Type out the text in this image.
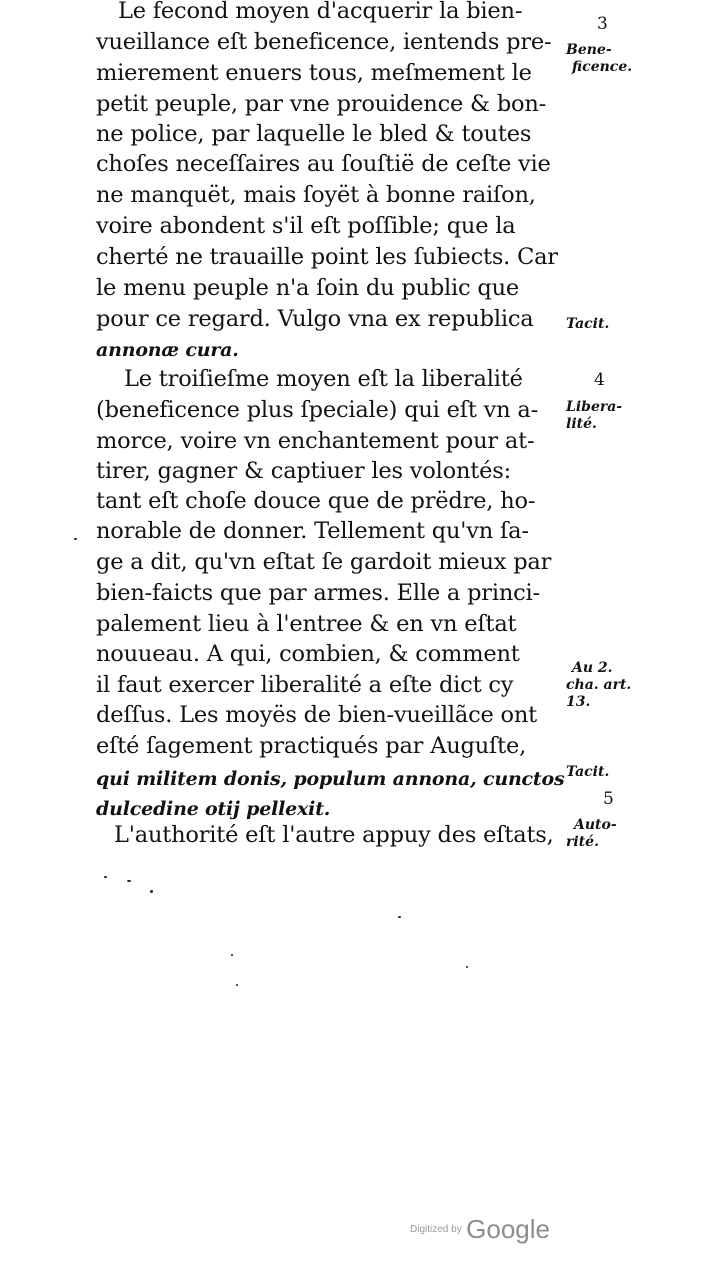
Le fecond moyen d'acquerir la bien-
vueillance eſt beneficence, ientends pre-
mierement enuers tous, meſmement le
petit peuple, par vne prouidence & bon-
ne police, par laquelle le bled & toutes
choſes neceſſaires au ſouſtië de ceſte vie
ne manquët, mais ſoyët à bonne raiſon,
voire abondent s'il eſt poſſible; que la
cherté ne trauaille point les ſubiects. Car
le menu peuple n'a ſoin du public que
pour ce regard. Vulgo vna ex republica
annonæ cura.
Le troiſieſme moyen eſt la liberalité
(beneficence plus ſpeciale) qui eſt vn a-
morce, voire vn enchantement pour at-
tirer, gagner & captiuer les volontés:
tant eſt choſe douce que de prëdre, ho-
norable de donner. Tellement qu'vn ſa-
ge a dit, qu'vn eſtat ſe gardoit mieux par
bien-faicts que par armes. Elle a princi-
palement lieu à l'entree & en vn eſtat
nouueau. A qui, combien, & comment
il faut exercer liberalité a eſte dict cy
deſſus. Les moyës de bien-vueillãce ont
eſté ſagement practiqués par Auguſte,
qui militem donis, populum annona, cunctos
dulcedine otij pellexit.
L'authorité eſt l'autre appuy des eſtats,
3
Bene-
ficence.
Tacit.
4
Libera-
lité.
Au 2.
cha. art.
13.
Tacit.
5
Auto-
rité.
Digitized by Google
